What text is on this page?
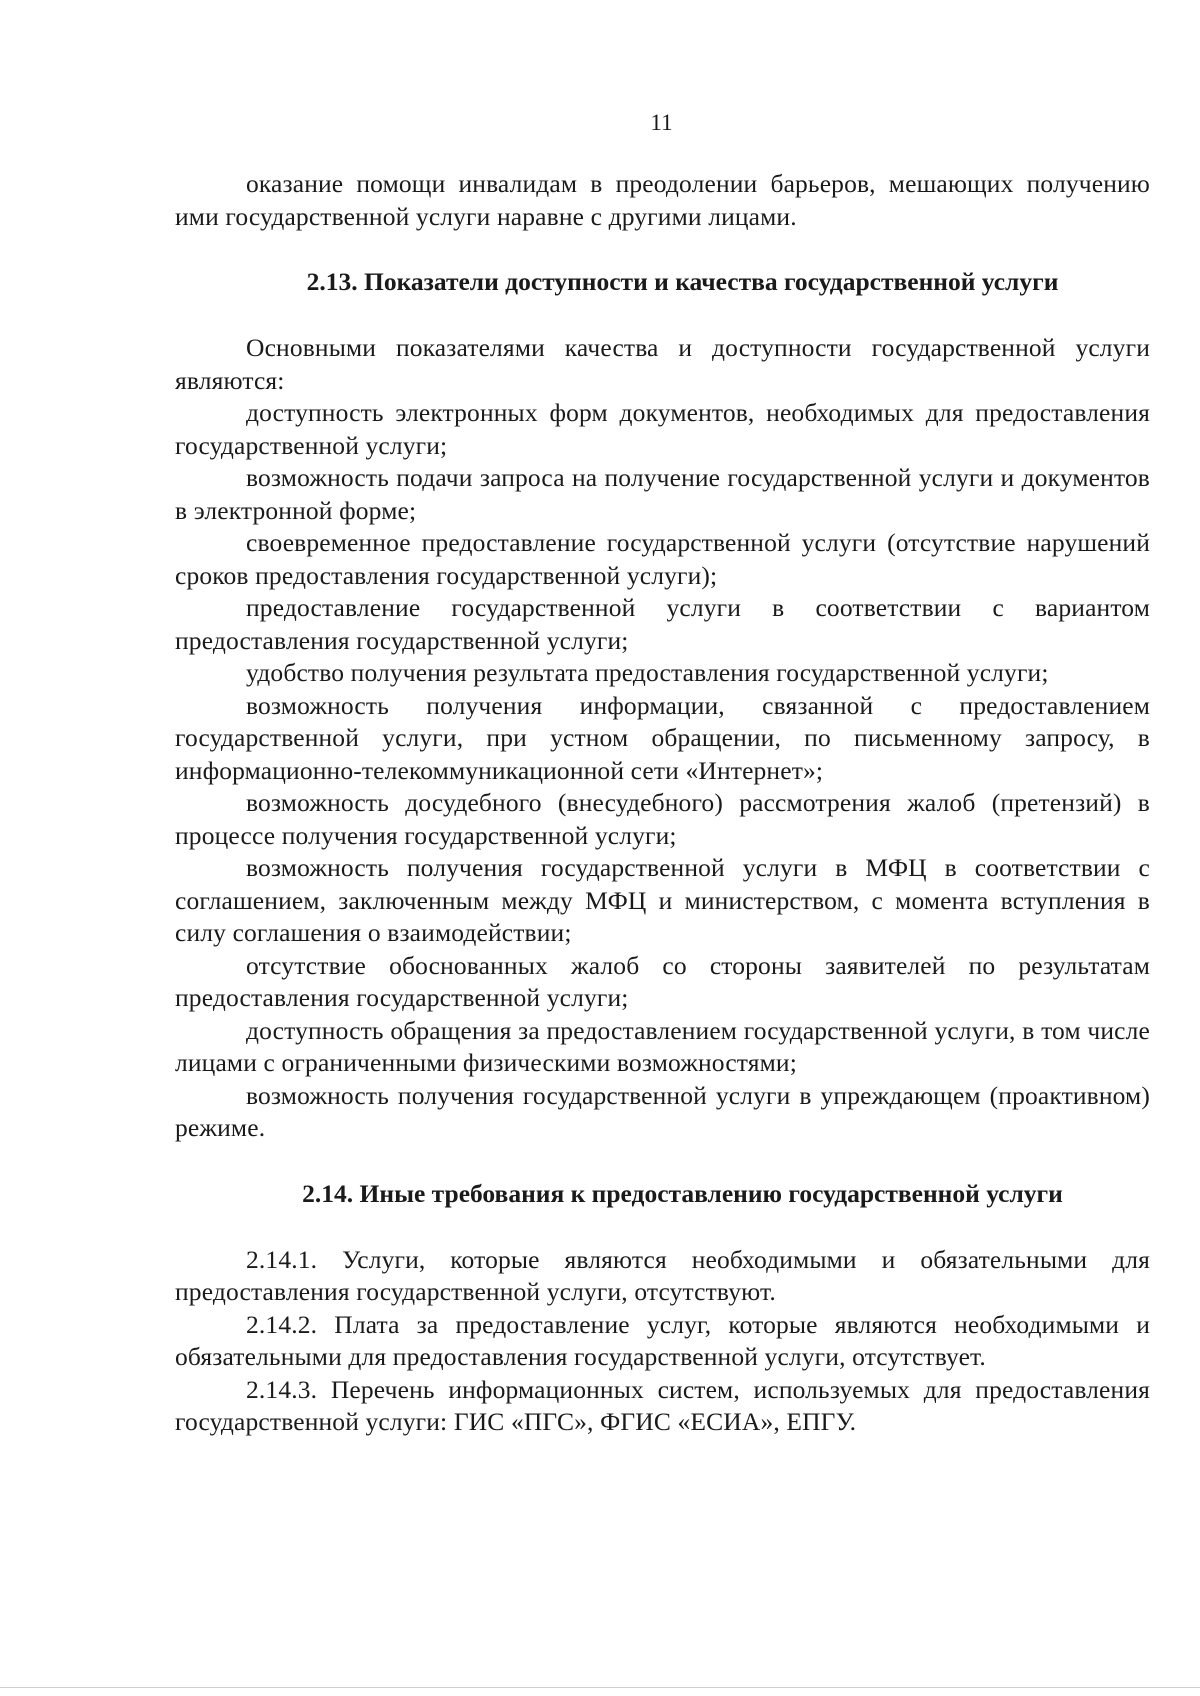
11

оказание помощи инвалидам в преодолении барьеров, мешающих получению ими государственной услуги наравне с другими лицами.

2.13. Показатели доступности и качества государственной услуги

Основными показателями качества и доступности государственной услуги являются:

доступность электронных форм документов, необходимых для предоставления государственной услуги;

возможность подачи запроса на получение государственной услуги и документов в электронной форме;

своевременное предоставление государственной услуги (отсутствие нарушений сроков предоставления государственной услуги);

предоставление государственной услуги в соответствии с вариантом предоставления государственной услуги;

удобство получения результата предоставления государственной услуги;

возможность получения информации, связанной с предоставлением государственной услуги, при устном обращении, по письменному запросу, в информационно-телекоммуникационной сети «Интернет»;

возможность досудебного (внесудебного) рассмотрения жалоб (претензий) в процессе получения государственной услуги;

возможность получения государственной услуги в МФЦ в соответствии с соглашением, заключенным между МФЦ и министерством, с момента вступления в силу соглашения о взаимодействии;

отсутствие обоснованных жалоб со стороны заявителей по результатам предоставления государственной услуги;

доступность обращения за предоставлением государственной услуги, в том числе лицами с ограниченными физическими возможностями;

возможность получения государственной услуги в упреждающем (проактивном) режиме.

2.14. Иные требования к предоставлению государственной услуги

2.14.1. Услуги, которые являются необходимыми и обязательными для предоставления государственной услуги, отсутствуют.

2.14.2. Плата за предоставление услуг, которые являются необходимыми и обязательными для предоставления государственной услуги, отсутствует.

2.14.3. Перечень информационных систем, используемых для предоставления государственной услуги: ГИС «ПГС», ФГИС «ЕСИА», ЕПГУ.
